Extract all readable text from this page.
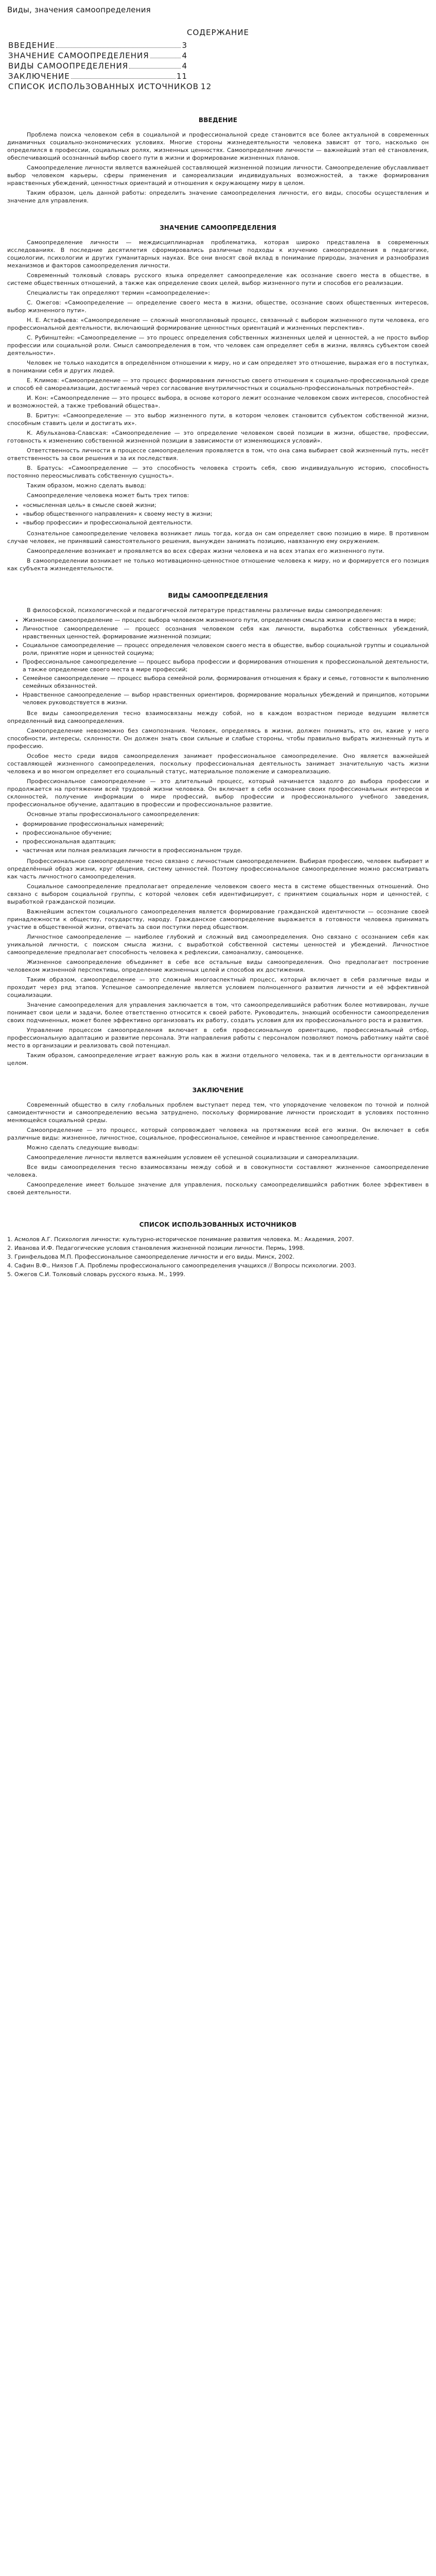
Виды, значения самоопределения
СОДЕРЖАНИЕ
ВВЕДЕНИЕ	3
ЗНАЧЕНИЕ САМООПРЕДЕЛЕНИЯ	4
ВИДЫ САМООПРЕДЕЛЕНИЯ	4
ЗАКЛЮЧЕНИЕ	11
СПИСОК ИСПОЛЬЗОВАННЫХ ИСТОЧНИКОВ 12
ВВЕДЕНИЕ

Проблема поиска человеком себя в социальной и профессиональной среде становится все более актуальной в современных динамичных социально-экономических условиях. Многие стороны жизнедеятельности человека зависят от того, насколько он определился в профессии, социальных ролях, жизненных ценностях. Самоопределение личности — важнейший этап её становления, обеспечивающий осознанный выбор своего пути в жизни и формирование жизненных планов.

Самоопределение личности является важнейшей составляющей жизненной позиции личности. Самоопределение обуславливает выбор человеком карьеры, сферы применения и самореализации индивидуальных возможностей, а также формирования нравственных убеждений, ценностных ориентаций и отношения к окружающему миру в целом.

Таким образом, цель данной работы: определить значение самоопределения личности, его виды, способы осуществления и значение для управления.

ЗНАЧЕНИЕ САМООПРЕДЕЛЕНИЯ

Самоопределение личности — междисциплинарная проблематика, которая широко представлена в современных исследованиях. В последние десятилетия сформировались различные подходы к изучению самоопределения в педагогике, социологии, психологии и других гуманитарных науках. Все они вносят свой вклад в понимание природы, значения и разнообразия механизмов и факторов самоопределения личности.

Современный толковый словарь русского языка определяет самоопределение как осознание своего места в обществе, в системе общественных отношений, а также как определение своих целей, выбор жизненного пути и способов его реализации.

Специалисты так определяют термин «самоопределение»:

С. Ожегов: «Самоопределение — определение своего места в жизни, обществе, осознание своих общественных интересов, выбор жизненного пути».

Н. Е. Астафьева: «Самоопределение — сложный многоплановый процесс, связанный с выбором жизненного пути человека, его профессиональной деятельности, включающий формирование ценностных ориентаций и жизненных перспектив».

С. Рубинштейн: «Самоопределение — это процесс определения собственных жизненных целей и ценностей, а не просто выбор профессии или социальной роли. Смысл самоопределения в том, что человек сам определяет себя в жизни, являясь субъектом своей деятельности».

Человек не только находится в определённом отношении к миру, но и сам определяет это отношение, выражая его в поступках, в понимании себя и других людей.

Е. Климов: «Самоопределение — это процесс формирования личностью своего отношения к социально-профессиональной среде и способ её самореализации, достигаемый через согласование внутриличностных и социально-профессиональных потребностей».

И. Кон: «Самоопределение — это процесс выбора, в основе которого лежит осознание человеком своих интересов, способностей и возможностей, а также требований общества».

В. Бритун: «Самоопределение — это выбор жизненного пути, в котором человек становится субъектом собственной жизни, способным ставить цели и достигать их».

К. Абульханова-Славская: «Самоопределение — это определение человеком своей позиции в жизни, обществе, профессии, готовность к изменению собственной жизненной позиции в зависимости от изменяющихся условий».

Ответственность личности в процессе самоопределения проявляется в том, что она сама выбирает свой жизненный путь, несёт ответственность за свои решения и за их последствия.

В. Братусь: «Самоопределение — это способность человека строить себя, свою индивидуальную историю, способность постоянно переосмысливать собственную сущность».

Таким образом, можно сделать вывод:

Самоопределение человека может быть трех типов:

• «осмысленная цель» в смысле своей жизни;
• «выбор общественного направления» к своему месту в жизни;
• «выбор профессии» и профессиональной деятельности.

Сознательное самоопределение человека возникает лишь тогда, когда он сам определяет свою позицию в мире. В противном случае человек, не принявший самостоятельного решения, вынужден занимать позицию, навязанную ему окружением.

Самоопределение возникает и проявляется во всех сферах жизни человека и на всех этапах его жизненного пути.

В самоопределении возникает не только мотивационно-ценностное отношение человека к миру, но и формируется его позиция как субъекта жизнедеятельности.

ВИДЫ САМООПРЕДЕЛЕНИЯ

В философской, психологической и педагогической литературе представлены различные виды самоопределения:

• Жизненное самоопределение — процесс выбора человеком жизненного пути, определения смысла жизни и своего места в мире;
• Личностное самоопределение — процесс осознания человеком себя как личности, выработка собственных убеждений, нравственных ценностей, формирование жизненной позиции;
• Социальное самоопределение — процесс определения человеком своего места в обществе, выбор социальной группы и социальной роли, принятие норм и ценностей социума;
• Профессиональное самоопределение — процесс выбора профессии и формирования отношения к профессиональной деятельности, а также определение своего места в мире профессий;
• Семейное самоопределение — процесс выбора семейной роли, формирования отношения к браку и семье, готовности к выполнению семейных обязанностей.
• Нравственное самоопределение — выбор нравственных ориентиров, формирование моральных убеждений и принципов, которыми человек руководствуется в жизни.

Все виды самоопределения тесно взаимосвязаны между собой, но в каждом возрастном периоде ведущим является определенный вид самоопределения.

Самоопределение невозможно без самопознания. Человек, определяясь в жизни, должен понимать, кто он, какие у него способности, интересы, склонности. Он должен знать свои сильные и слабые стороны, чтобы правильно выбрать жизненный путь и профессию.

Особое место среди видов самоопределения занимает профессиональное самоопределение. Оно является важнейшей составляющей жизненного самоопределения, поскольку профессиональная деятельность занимает значительную часть жизни человека и во многом определяет его социальный статус, материальное положение и самореализацию.

Профессиональное самоопределение — это длительный процесс, который начинается задолго до выбора профессии и продолжается на протяжении всей трудовой жизни человека. Он включает в себя осознание своих профессиональных интересов и склонностей, получение информации о мире профессий, выбор профессии и профессионального учебного заведения, профессиональное обучение, адаптацию в профессии и профессиональное развитие.

Основные этапы профессионального самоопределения:

• формирование профессиональных намерений;
• профессиональное обучение;
• профессиональная адаптация;
• частичная или полная реализация личности в профессиональном труде.

Профессиональное самоопределение тесно связано с личностным самоопределением. Выбирая профессию, человек выбирает и определённый образ жизни, круг общения, систему ценностей. Поэтому профессиональное самоопределение можно рассматривать как часть личностного самоопределения.

Социальное самоопределение предполагает определение человеком своего места в системе общественных отношений. Оно связано с выбором социальной группы, с которой человек себя идентифицирует, с принятием социальных норм и ценностей, с выработкой гражданской позиции.

Важнейшим аспектом социального самоопределения является формирование гражданской идентичности — осознание своей принадлежности к обществу, государству, народу. Гражданское самоопределение выражается в готовности человека принимать участие в общественной жизни, отвечать за свои поступки перед обществом.

Личностное самоопределение — наиболее глубокий и сложный вид самоопределения. Оно связано с осознанием себя как уникальной личности, с поиском смысла жизни, с выработкой собственной системы ценностей и убеждений. Личностное самоопределение предполагает способность человека к рефлексии, самоанализу, самооценке.

Жизненное самоопределение объединяет в себе все остальные виды самоопределения. Оно предполагает построение человеком жизненной перспективы, определение жизненных целей и способов их достижения.

Таким образом, самоопределение — это сложный многоаспектный процесс, который включает в себя различные виды и проходит через ряд этапов. Успешное самоопределение является условием полноценного развития личности и её эффективной социализации.

Значение самоопределения для управления заключается в том, что самоопределившийся работник более мотивирован, лучше понимает свои цели и задачи, более ответственно относится к своей работе. Руководитель, знающий особенности самоопределения своих подчиненных, может более эффективно организовать их работу, создать условия для их профессионального роста и развития.

Управление процессом самоопределения включает в себя профессиональную ориентацию, профессиональный отбор, профессиональную адаптацию и развитие персонала. Эти направления работы с персоналом позволяют помочь работнику найти своё место в организации и реализовать свой потенциал.

Таким образом, самоопределение играет важную роль как в жизни отдельного человека, так и в деятельности организации в целом.

ЗАКЛЮЧЕНИЕ

Современный общество в силу глобальных проблем выступает перед тем, что упорядочение человеком по точной и полной самоидентичности и самоопределению весьма затруднено, поскольку формирование личности происходит в условиях постоянно меняющейся социальной среды.

Самоопределение — это процесс, который сопровождает человека на протяжении всей его жизни. Он включает в себя различные виды: жизненное, личностное, социальное, профессиональное, семейное и нравственное самоопределение.

Можно сделать следующие выводы:

Самоопределение личности является важнейшим условием её успешной социализации и самореализации.

Все виды самоопределения тесно взаимосвязаны между собой и в совокупности составляют жизненное самоопределение человека.

Самоопределение имеет большое значение для управления, поскольку самоопределившийся работник более эффективен в своей деятельности.

СПИСОК ИСПОЛЬЗОВАННЫХ ИСТОЧНИКОВ
1. Асмолов А.Г. Психология личности: культурно-историческое понимание развития человека. М.: Академия, 2007.
2. Иванова И.Ф. Педагогические условия становления жизненной позиции личности. Пермь, 1998.
3. Гринфельдова М.П. Профессиональное самоопределение личности и его виды. Минск, 2002.
4. Сафин В.Ф., Ниязов Г.А. Проблемы профессионального самоопределения учащихся // Вопросы психологии. 2003.
5. Ожегов С.И. Толковый словарь русского языка. М., 1999.
